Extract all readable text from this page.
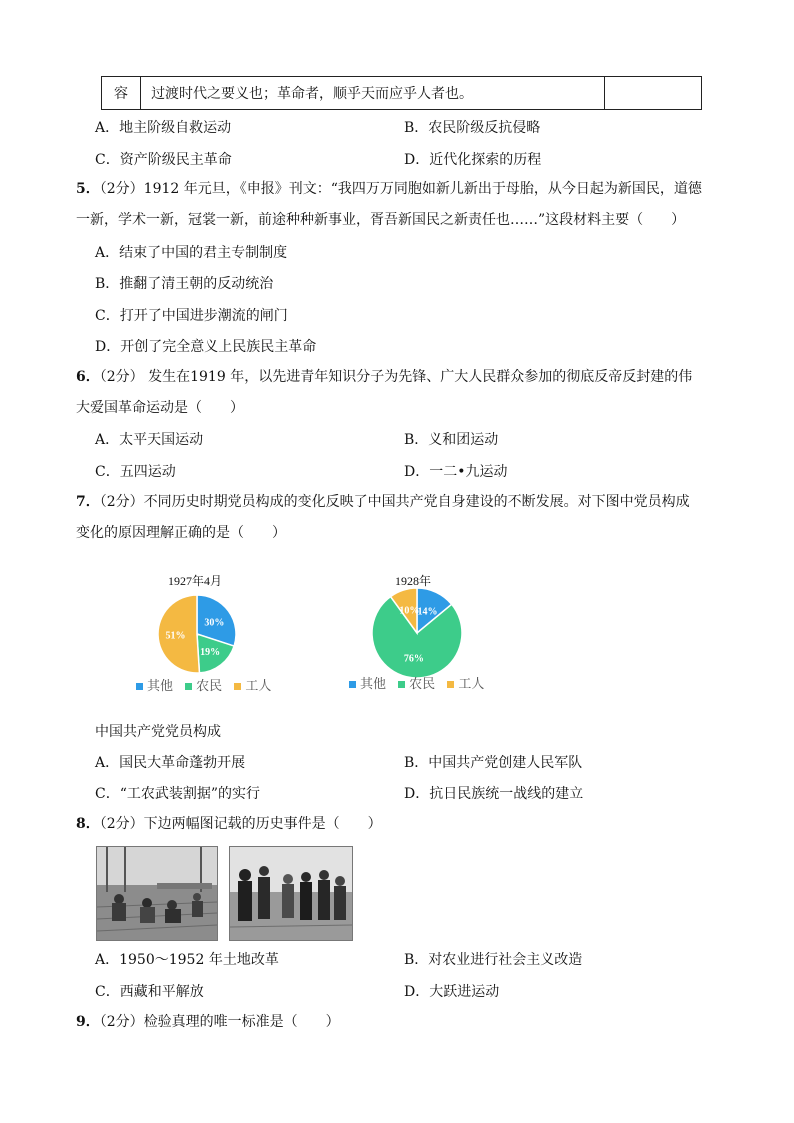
容	过渡时代之要义也；革命者，顺乎天而应乎人者也。	
A．地主阶级自救运动	B．农民阶级反抗侵略
C．资产阶级民主革命	D．近代化探索的历程
5．（2分）1912 年元旦，《申报》刊文：“我四万万同胞如新儿新出于母胎，从今日起为新国民，道德
一新，学术一新，冠裳一新，前途种种新事业，胥吾新国民之新责任也……”这段材料主要（　　）
A．结束了中国的君主专制制度
B．推翻了清王朝的反动统治
C．打开了中国进步潮流的闸门
D．开创了完全意义上民族民主革命
6．（2分） 发生在1919 年，以先进青年知识分子为先锋、广大人民群众参加的彻底反帝反封建的伟
大爱国革命运动是（　　）
A．太平天国运动	B．义和团运动
C．五四运动	D．一二•九运动
7．（2分）不同历史时期党员构成的变化反映了中国共产党自身建设的不断发展。对下图中党员构成
变化的原因理解正确的是（　　）
1927年4月
30%
19%
51%
其他 农民 工人
1928年
14%
76%
10%
其他 农民 工人
中国共产党党员构成
A．国民大革命蓬勃开展	B．中国共产党创建人民军队
C．“工农武装割据”的实行	D．抗日民族统一战线的建立
8．（2分）下边两幅图记载的历史事件是（　　）
A．1950～1952 年土地改革	B．对农业进行社会主义改造
C．西藏和平解放	D．大跃进运动
9．（2分）检验真理的唯一标准是（　　）
